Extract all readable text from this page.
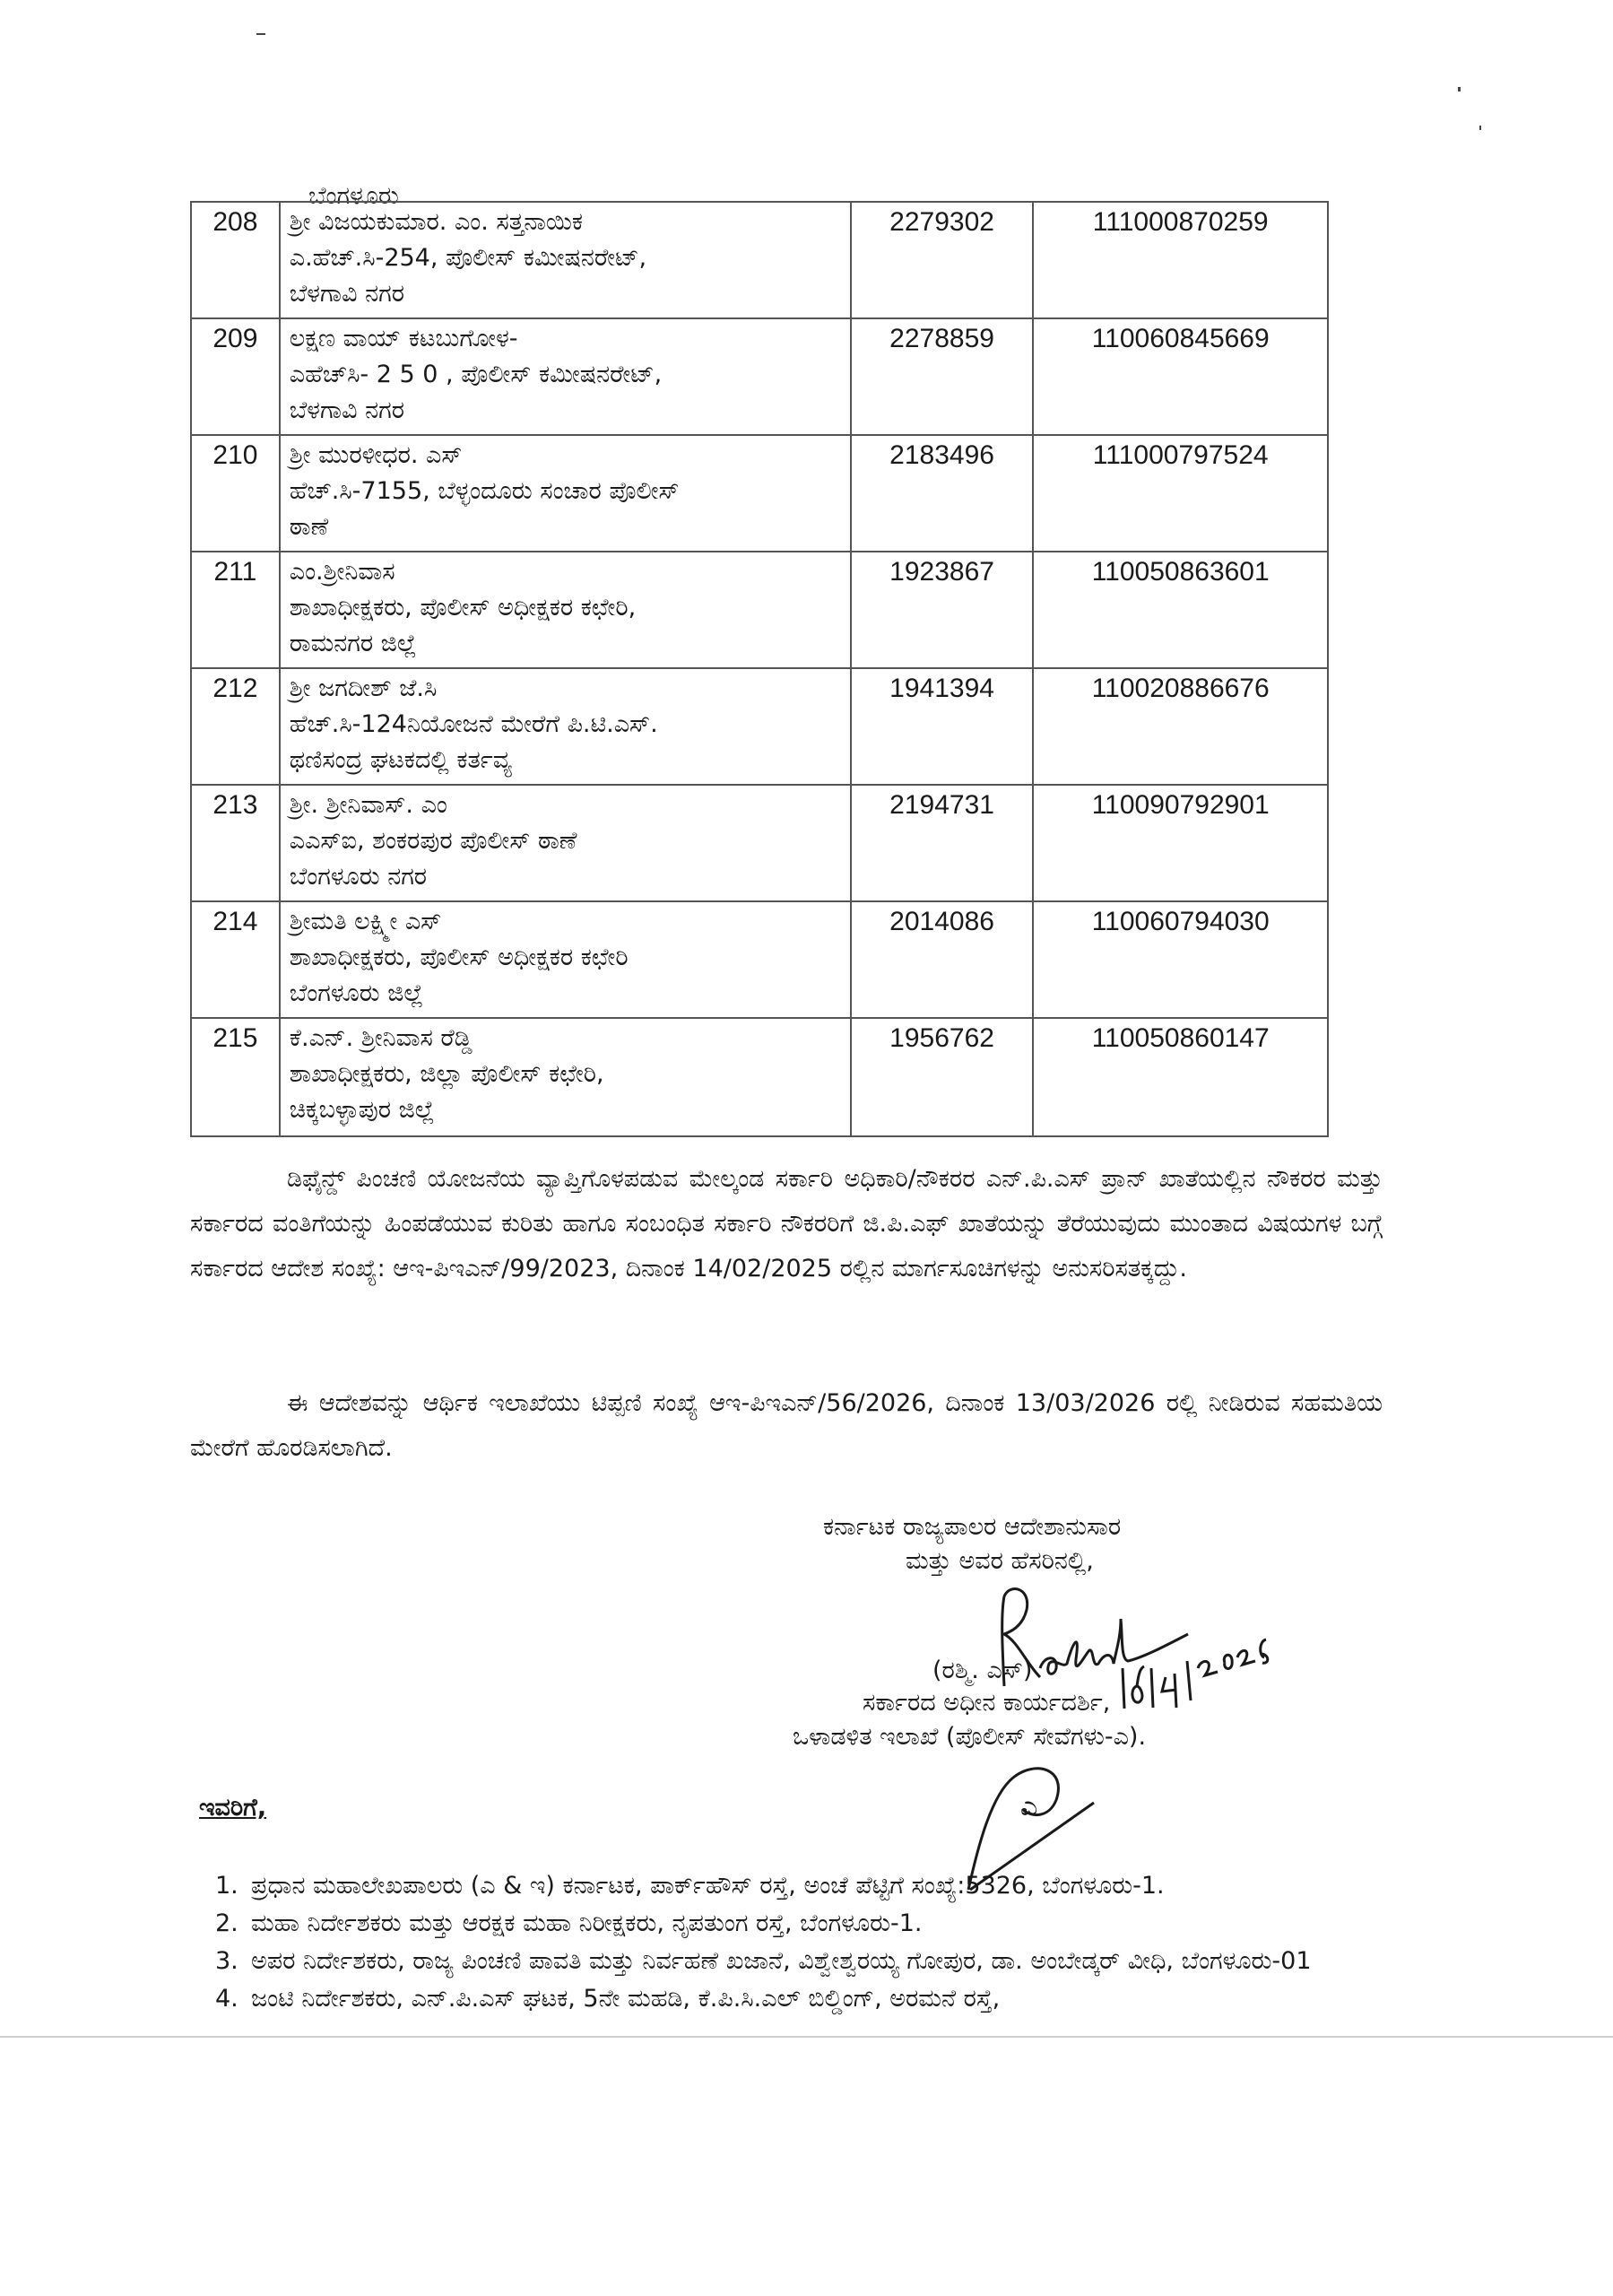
ಬೆಂಗಳೂರು
208	ಶ್ರೀ ವಿಜಯಕುಮಾರ. ಎಂ. ಸತ್ತನಾಯಿಕ
ಎ.ಹೆಚ್.ಸಿ-254, ಪೊಲೀಸ್ ಕಮೀಷನರೇಟ್,
ಬೆಳಗಾವಿ ನಗರ	2279302	111000870259
209	ಲಕ್ಷಣ ವಾಯ್ ಕಟಬುಗೋಳ-
ಎಹೆಚ್‌ಸಿ- 2 5 0 , ಪೊಲೀಸ್ ಕಮೀಷನರೇಟ್,
ಬೆಳಗಾವಿ ನಗರ	2278859	110060845669
210	ಶ್ರೀ ಮುರಳೀಧರ. ಎಸ್
ಹೆಚ್.ಸಿ-7155, ಬೆಳ್ಳಂದೂರು ಸಂಚಾರ ಪೊಲೀಸ್
ಠಾಣೆ	2183496	111000797524
211	ಎಂ.ಶ್ರೀನಿವಾಸ
ಶಾಖಾಧೀಕ್ಷಕರು, ಪೊಲೀಸ್ ಅಧೀಕ್ಷಕರ ಕಛೇರಿ,
ರಾಮನಗರ ಜಿಲ್ಲೆ	1923867	110050863601
212	ಶ್ರೀ ಜಗದೀಶ್ ಜೆ.ಸಿ
ಹೆಚ್.ಸಿ-124ನಿಯೋಜನೆ ಮೇರೆಗೆ ಪಿ.ಟಿ.ಎಸ್.
ಥಣಿಸಂದ್ರ ಘಟಕದಲ್ಲಿ ಕರ್ತವ್ಯ	1941394	110020886676
213	ಶ್ರೀ. ಶ್ರೀನಿವಾಸ್. ಎಂ
ಎಎಸ್ಐ, ಶಂಕರಪುರ ಪೊಲೀಸ್ ಠಾಣೆ
ಬೆಂಗಳೂರು ನಗರ	2194731	110090792901
214	ಶ್ರೀಮತಿ ಲಕ್ಷ್ಮೀ ಎಸ್
ಶಾಖಾಧೀಕ್ಷಕರು, ಪೊಲೀಸ್ ಅಧೀಕ್ಷಕರ ಕಛೇರಿ
ಬೆಂಗಳೂರು ಜಿಲ್ಲೆ	2014086	110060794030
215	ಕೆ.ಎನ್. ಶ್ರೀನಿವಾಸ ರೆಡ್ಡಿ
ಶಾಖಾಧೀಕ್ಷಕರು, ಜಿಲ್ಲಾ ಪೊಲೀಸ್ ಕಛೇರಿ,
ಚಿಕ್ಕಬಳ್ಳಾಪುರ ಜಿಲ್ಲೆ	1956762	110050860147
ಡಿಫೈನ್ಡ್ ಪಿಂಚಣಿ ಯೋಜನೆಯ ವ್ಯಾಪ್ತಿಗೊಳಪಡುವ ಮೇಲ್ಕಂಡ ಸರ್ಕಾರಿ ಅಧಿಕಾರಿ/ನೌಕರರ ಎನ್.ಪಿ.ಎಸ್ ಪ್ರಾನ್ ಖಾತೆಯಲ್ಲಿನ ನೌಕರರ ಮತ್ತು ಸರ್ಕಾರದ ವಂತಿಗೆಯನ್ನು ಹಿಂಪಡೆಯುವ ಕುರಿತು ಹಾಗೂ ಸಂಬಂಧಿತ ಸರ್ಕಾರಿ ನೌಕರರಿಗೆ ಜಿ.ಪಿ.ಎಫ್ ಖಾತೆಯನ್ನು ತೆರೆಯುವುದು ಮುಂತಾದ ವಿಷಯಗಳ ಬಗ್ಗೆ ಸರ್ಕಾರದ ಆದೇಶ ಸಂಖ್ಯೆ: ಆಇ-ಪಿಇಎನ್/99/2023, ದಿನಾಂಕ 14/02/2025 ರಲ್ಲಿನ ಮಾರ್ಗಸೂಚಿಗಳನ್ನು ಅನುಸರಿಸತಕ್ಕದ್ದು.
ಈ ಆದೇಶವನ್ನು ಆರ್ಥಿಕ ಇಲಾಖೆಯು ಟಿಪ್ಪಣಿ ಸಂಖ್ಯೆ ಆಇ-ಪಿಇಎನ್/56/2026, ದಿನಾಂಕ 13/03/2026 ರಲ್ಲಿ ನೀಡಿರುವ ಸಹಮತಿಯ ಮೇರೆಗೆ ಹೊರಡಿಸಲಾಗಿದೆ.
ಕರ್ನಾಟಕ ರಾಜ್ಯಪಾಲರ ಆದೇಶಾನುಸಾರ
ಮತ್ತು ಅವರ ಹೆಸರಿನಲ್ಲಿ,
(ರಶ್ಮಿ. ಎಸ್)
ಸರ್ಕಾರದ ಅಧೀನ ಕಾರ್ಯದರ್ಶಿ,
ಒಳಾಡಳಿತ ಇಲಾಖೆ (ಪೊಲೀಸ್ ಸೇವೆಗಳು-ಎ).
ಎ
ಇವರಿಗೆ,
1. ಪ್ರಧಾನ ಮಹಾಲೇಖಪಾಲರು (ಎ & ಇ) ಕರ್ನಾಟಕ, ಪಾರ್ಕ್‌ಹೌಸ್ ರಸ್ತೆ, ಅಂಚೆ ಪೆಟ್ಟಿಗೆ ಸಂಖ್ಯೆ:5326, ಬೆಂಗಳೂರು-1.
2. ಮಹಾ ನಿರ್ದೇಶಕರು ಮತ್ತು ಆರಕ್ಷಕ ಮಹಾ ನಿರೀಕ್ಷಕರು, ನೃಪತುಂಗ ರಸ್ತೆ, ಬೆಂಗಳೂರು-1.
3. ಅಪರ ನಿರ್ದೇಶಕರು, ರಾಜ್ಯ ಪಿಂಚಣಿ ಪಾವತಿ ಮತ್ತು ನಿರ್ವಹಣೆ ಖಜಾನೆ, ವಿಶ್ವೇಶ್ವರಯ್ಯ ಗೋಪುರ, ಡಾ. ಅಂಬೇಡ್ಕರ್ ವೀಧಿ, ಬೆಂಗಳೂರು-01
4. ಜಂಟಿ ನಿರ್ದೇಶಕರು, ಎನ್.ಪಿ.ಎಸ್ ಘಟಕ, 5ನೇ ಮಹಡಿ, ಕೆ.ಪಿ.ಸಿ.ಎಲ್ ಬಿಲ್ಡಿಂಗ್, ಅರಮನೆ ರಸ್ತೆ,
